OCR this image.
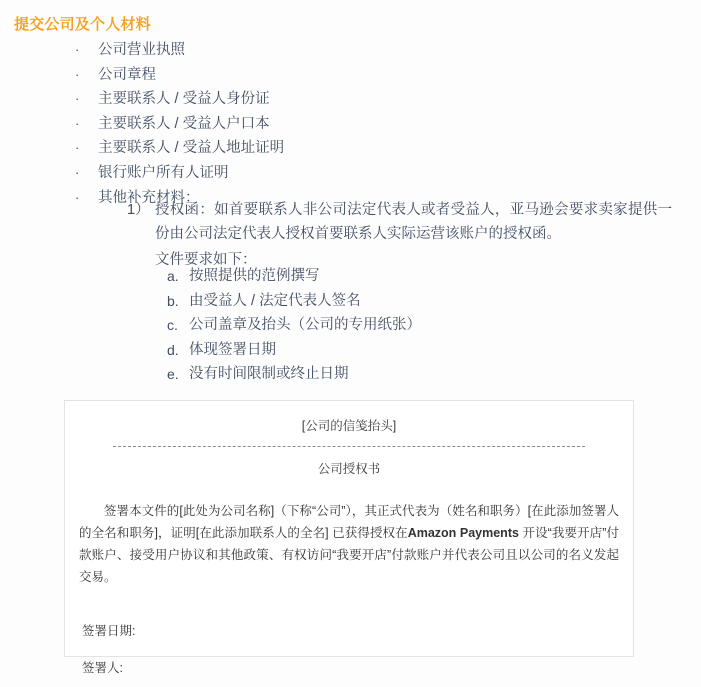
提交公司及个人材料
· 公司营业执照
· 公司章程
· 主要联系人 / 受益人身份证
· 主要联系人 / 受益人户口本
· 主要联系人 / 受益人地址证明
· 银行账户所有人证明
· 其他补充材料：
1） 授权函：如首要联系人非公司法定代表人或者受益人，亚马逊会要求卖家提供一份由公司法定代表人授权首要联系人实际运营该账户的授权函。
文件要求如下：
a. 按照提供的范例撰写
b. 由受益人 / 法定代表人签名
c. 公司盖章及抬头（公司的专用纸张）
d. 体现签署日期
e. 没有时间限制或终止日期
[公司的信笺抬头]
公司授权书
签署本文件的[此处为公司名称]（下称“公司”），其正式代表为（姓名和职务）[在此添加签署人的全名和职务]，证明[在此添加联系人的全名] 已获得授权在Amazon Payments 开设“我要开店”付款账户、接受用户协议和其他政策、有权访问“我要开店”付款账户并代表公司且以公司的名义发起交易。
签署日期:
签署人:
